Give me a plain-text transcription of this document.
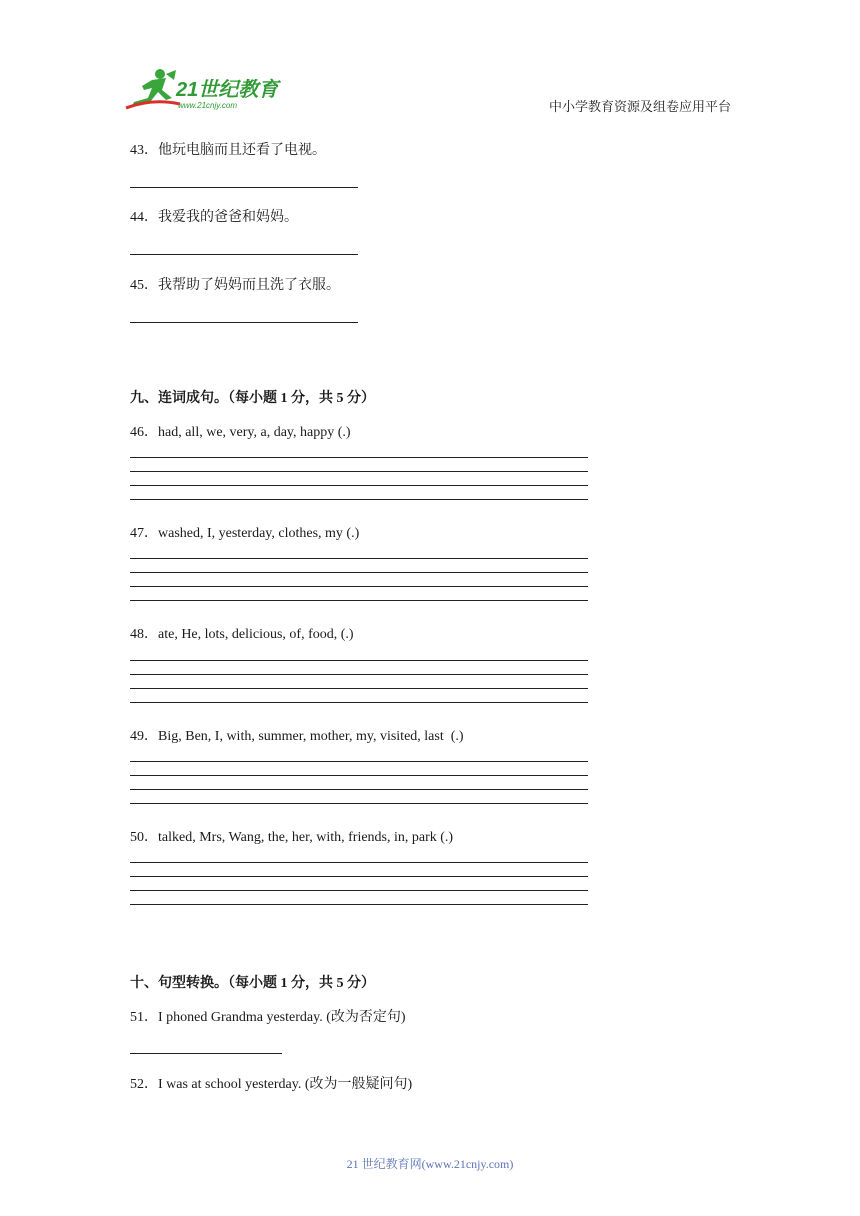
21世纪教育
www.21cnjy.com	中小学教育资源及组卷应用平台
43．他玩电脑而且还看了电视。
44．我爱我的爸爸和妈妈。
45．我帮助了妈妈而且洗了衣服。
九、连词成句。（每小题 1 分，共 5 分）
46．had, all, we, very, a, day, happy (.)
47．washed, I, yesterday, clothes, my (.)
48．ate, He, lots, delicious, of, food, (.)
49．Big, Ben, I, with, summer, mother, my, visited, last  (.)
50．talked, Mrs, Wang, the, her, with, friends, in, park (.)
十、句型转换。（每小题 1 分，共 5 分）
51．I phoned Grandma yesterday. (改为否定句)
52．I was at school yesterday. (改为一般疑问句)
21 世纪教育网(www.21cnjy.com)
